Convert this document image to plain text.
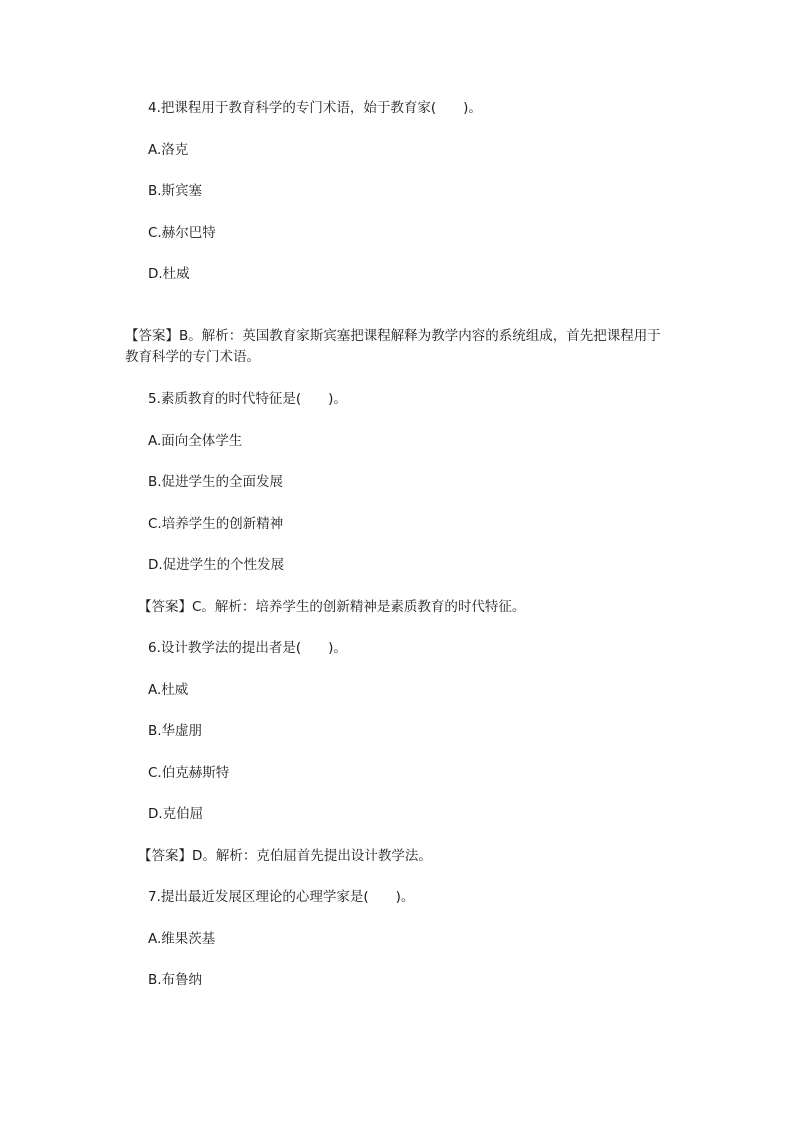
4.把课程用于教育科学的专门术语，始于教育家(　　)。
A.洛克
B.斯宾塞
C.赫尔巴特
D.杜威
【答案】B。解析：英国教育家斯宾塞把课程解释为教学内容的系统组成，首先把课程用于
教育科学的专门术语。
5.素质教育的时代特征是(　　)。
A.面向全体学生
B.促进学生的全面发展
C.培养学生的创新精神
D.促进学生的个性发展
【答案】C。解析：培养学生的创新精神是素质教育的时代特征。
6.设计教学法的提出者是(　　)。
A.杜威
B.华虚朋
C.伯克赫斯特
D.克伯屈
【答案】D。解析：克伯屈首先提出设计教学法。
7.提出最近发展区理论的心理学家是(　　)。
A.维果茨基
B.布鲁纳
